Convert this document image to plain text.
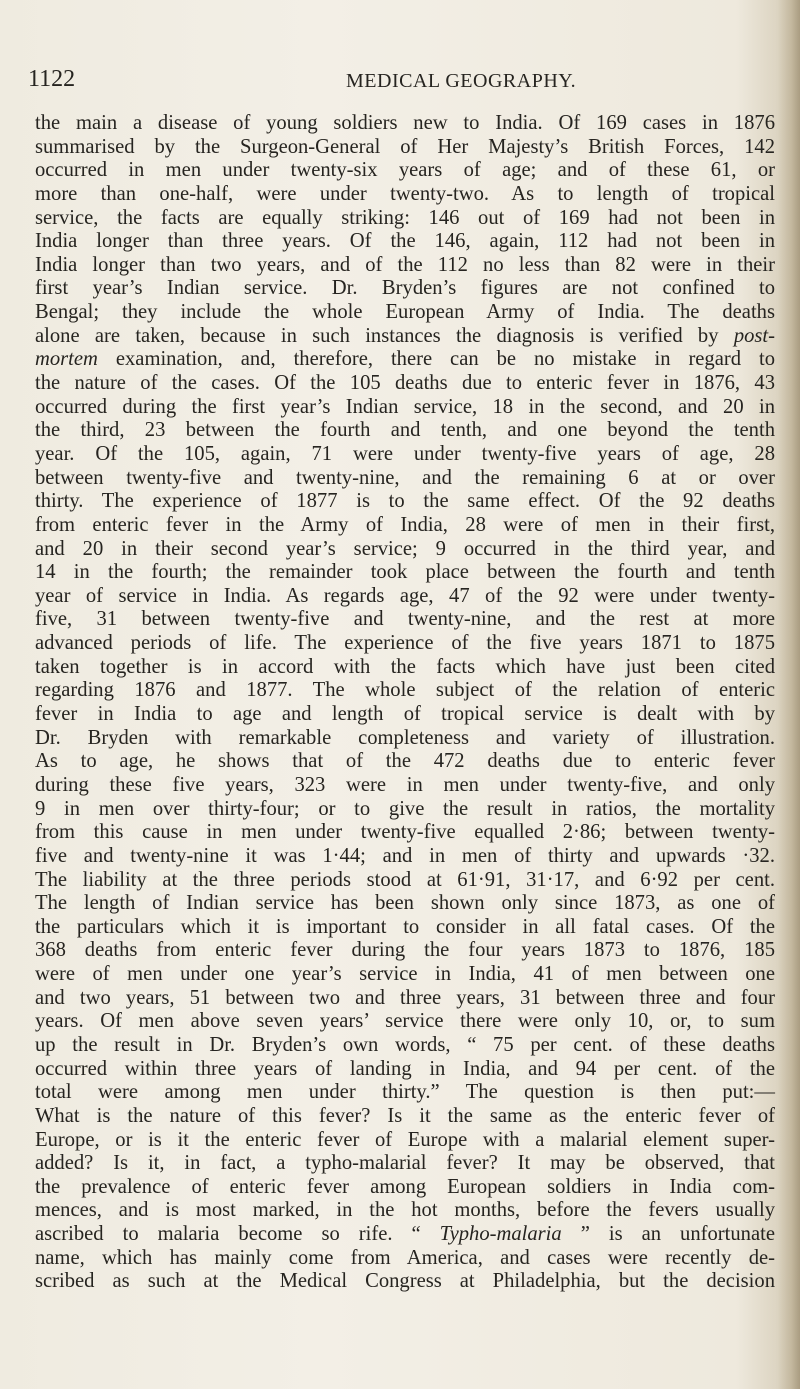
1122	MEDICAL GEOGRAPHY.
the main a disease of young soldiers new to India. Of 169 cases in 1876
summarised by the Surgeon-General of Her Majesty’s British Forces, 142
occurred in men under twenty-six years of age; and of these 61, or
more than one-half, were under twenty-two. As to length of tropical
service, the facts are equally striking: 146 out of 169 had not been in
India longer than three years. Of the 146, again, 112 had not been in
India longer than two years, and of the 112 no less than 82 were in their
first year’s Indian service. Dr. Bryden’s figures are not confined to
Bengal; they include the whole European Army of India. The deaths
alone are taken, because in such instances the diagnosis is verified by post-
mortem examination, and, therefore, there can be no mistake in regard to
the nature of the cases. Of the 105 deaths due to enteric fever in 1876, 43
occurred during the first year’s Indian service, 18 in the second, and 20 in
the third, 23 between the fourth and tenth, and one beyond the tenth
year. Of the 105, again, 71 were under twenty-five years of age, 28
between twenty-five and twenty-nine, and the remaining 6 at or over
thirty. The experience of 1877 is to the same effect. Of the 92 deaths
from enteric fever in the Army of India, 28 were of men in their first,
and 20 in their second year’s service; 9 occurred in the third year, and
14 in the fourth; the remainder took place between the fourth and tenth
year of service in India. As regards age, 47 of the 92 were under twenty-
five, 31 between twenty-five and twenty-nine, and the rest at more
advanced periods of life. The experience of the five years 1871 to 1875
taken together is in accord with the facts which have just been cited
regarding 1876 and 1877. The whole subject of the relation of enteric
fever in India to age and length of tropical service is dealt with by
Dr. Bryden with remarkable completeness and variety of illustration.
As to age, he shows that of the 472 deaths due to enteric fever
during these five years, 323 were in men under twenty-five, and only
9 in men over thirty-four; or to give the result in ratios, the mortality
from this cause in men under twenty-five equalled 2·86; between twenty-
five and twenty-nine it was 1·44; and in men of thirty and upwards ·32.
The liability at the three periods stood at 61·91, 31·17, and 6·92 per cent.
The length of Indian service has been shown only since 1873, as one of
the particulars which it is important to consider in all fatal cases. Of the
368 deaths from enteric fever during the four years 1873 to 1876, 185
were of men under one year’s service in India, 41 of men between one
and two years, 51 between two and three years, 31 between three and four
years. Of men above seven years’ service there were only 10, or, to sum
up the result in Dr. Bryden’s own words, “ 75 per cent. of these deaths
occurred within three years of landing in India, and 94 per cent. of the
total were among men under thirty.” The question is then put:—
What is the nature of this fever? Is it the same as the enteric fever of
Europe, or is it the enteric fever of Europe with a malarial element super-
added? Is it, in fact, a typho-malarial fever? It may be observed, that
the prevalence of enteric fever among European soldiers in India com-
mences, and is most marked, in the hot months, before the fevers usually
ascribed to malaria become so rife. “ Typho-malaria ” is an unfortunate
name, which has mainly come from America, and cases were recently de-
scribed as such at the Medical Congress at Philadelphia, but the decision
